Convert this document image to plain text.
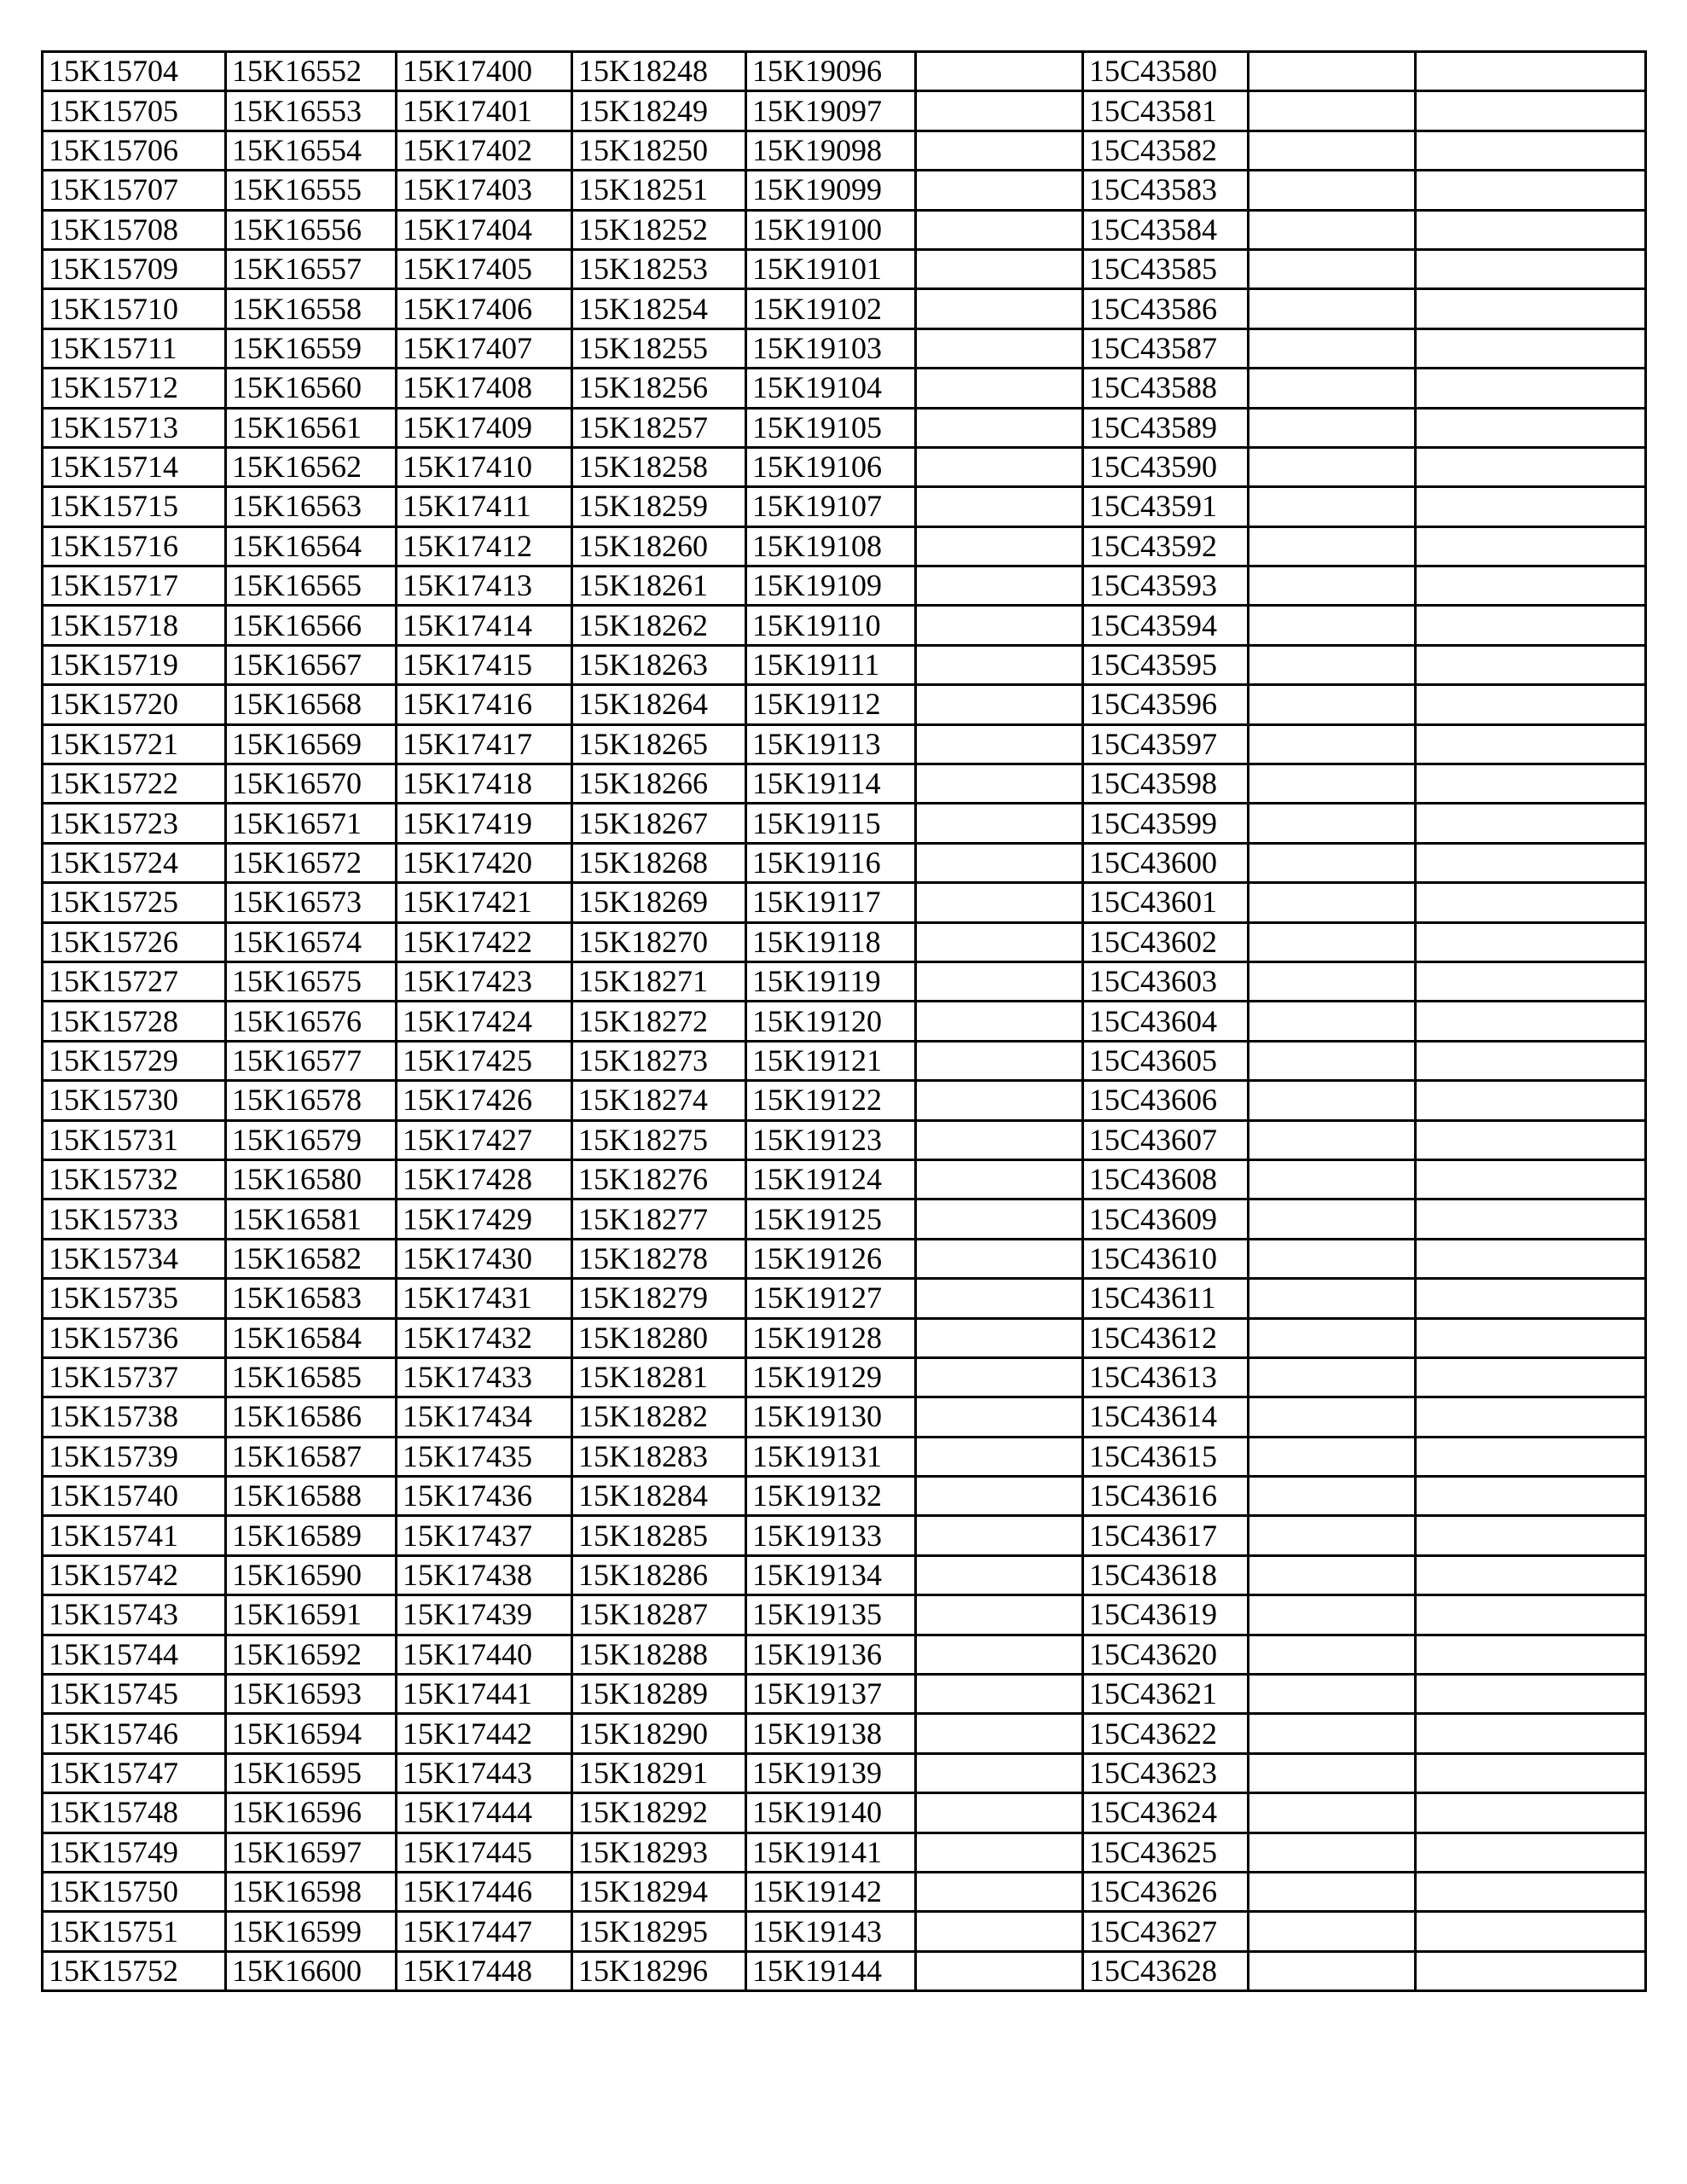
15K15704	15K16552	15K17400	15K18248	15K19096		15C43580		
15K15705	15K16553	15K17401	15K18249	15K19097		15C43581		
15K15706	15K16554	15K17402	15K18250	15K19098		15C43582		
15K15707	15K16555	15K17403	15K18251	15K19099		15C43583		
15K15708	15K16556	15K17404	15K18252	15K19100		15C43584		
15K15709	15K16557	15K17405	15K18253	15K19101		15C43585		
15K15710	15K16558	15K17406	15K18254	15K19102		15C43586		
15K15711	15K16559	15K17407	15K18255	15K19103		15C43587		
15K15712	15K16560	15K17408	15K18256	15K19104		15C43588		
15K15713	15K16561	15K17409	15K18257	15K19105		15C43589		
15K15714	15K16562	15K17410	15K18258	15K19106		15C43590		
15K15715	15K16563	15K17411	15K18259	15K19107		15C43591		
15K15716	15K16564	15K17412	15K18260	15K19108		15C43592		
15K15717	15K16565	15K17413	15K18261	15K19109		15C43593		
15K15718	15K16566	15K17414	15K18262	15K19110		15C43594		
15K15719	15K16567	15K17415	15K18263	15K19111		15C43595		
15K15720	15K16568	15K17416	15K18264	15K19112		15C43596		
15K15721	15K16569	15K17417	15K18265	15K19113		15C43597		
15K15722	15K16570	15K17418	15K18266	15K19114		15C43598		
15K15723	15K16571	15K17419	15K18267	15K19115		15C43599		
15K15724	15K16572	15K17420	15K18268	15K19116		15C43600		
15K15725	15K16573	15K17421	15K18269	15K19117		15C43601		
15K15726	15K16574	15K17422	15K18270	15K19118		15C43602		
15K15727	15K16575	15K17423	15K18271	15K19119		15C43603		
15K15728	15K16576	15K17424	15K18272	15K19120		15C43604		
15K15729	15K16577	15K17425	15K18273	15K19121		15C43605		
15K15730	15K16578	15K17426	15K18274	15K19122		15C43606		
15K15731	15K16579	15K17427	15K18275	15K19123		15C43607		
15K15732	15K16580	15K17428	15K18276	15K19124		15C43608		
15K15733	15K16581	15K17429	15K18277	15K19125		15C43609		
15K15734	15K16582	15K17430	15K18278	15K19126		15C43610		
15K15735	15K16583	15K17431	15K18279	15K19127		15C43611		
15K15736	15K16584	15K17432	15K18280	15K19128		15C43612		
15K15737	15K16585	15K17433	15K18281	15K19129		15C43613		
15K15738	15K16586	15K17434	15K18282	15K19130		15C43614		
15K15739	15K16587	15K17435	15K18283	15K19131		15C43615		
15K15740	15K16588	15K17436	15K18284	15K19132		15C43616		
15K15741	15K16589	15K17437	15K18285	15K19133		15C43617		
15K15742	15K16590	15K17438	15K18286	15K19134		15C43618		
15K15743	15K16591	15K17439	15K18287	15K19135		15C43619		
15K15744	15K16592	15K17440	15K18288	15K19136		15C43620		
15K15745	15K16593	15K17441	15K18289	15K19137		15C43621		
15K15746	15K16594	15K17442	15K18290	15K19138		15C43622		
15K15747	15K16595	15K17443	15K18291	15K19139		15C43623		
15K15748	15K16596	15K17444	15K18292	15K19140		15C43624		
15K15749	15K16597	15K17445	15K18293	15K19141		15C43625		
15K15750	15K16598	15K17446	15K18294	15K19142		15C43626		
15K15751	15K16599	15K17447	15K18295	15K19143		15C43627		
15K15752	15K16600	15K17448	15K18296	15K19144		15C43628		
